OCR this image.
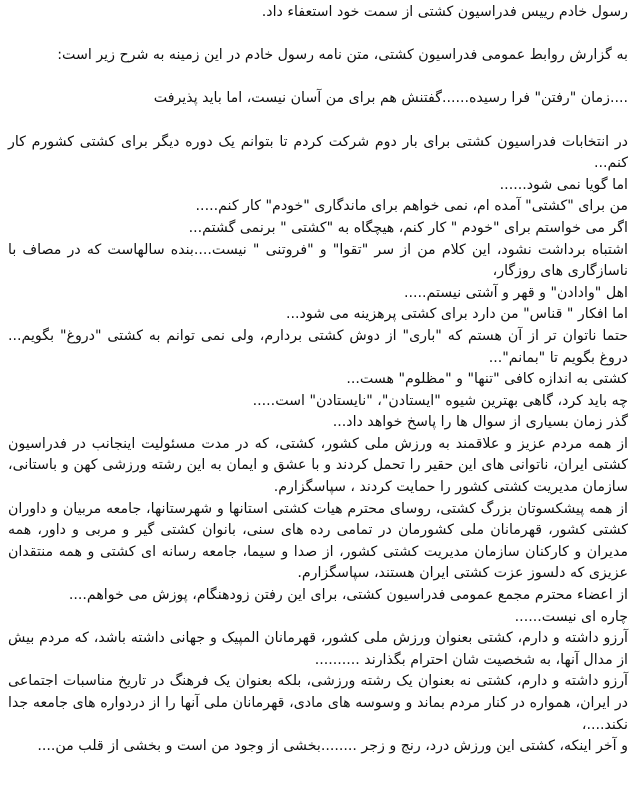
رسول خادم رییس فدراسیون کشتی از سمت خود استعفاء داد.

به گزارش روابط عمومی فدراسیون کشتی، متن نامه رسول خادم در این زمینه به شرح زیر است:

....زمان "رفتن" فرا رسیده......گفتنش هم برای من آسان نیست، اما باید پذیرفت

در انتخابات فدراسیون کشتی برای بار دوم شرکت کردم تا بتوانم یک دوره دیگر برای کشتی کشورم کار کنم...

اما گویا نمی شود......

من برای "کشتی" آمده ام، نمی خواهم برای ماندگاری "خودم" کار کنم.....

اگر می خواستم برای "خودم " کار کنم، هیچگاه به "کشتی " برنمی گشتم...

اشتباه برداشت نشود، این کلام من از سر "تقوا" و "فروتنی " نیست....بنده سالهاست که در مصاف با ناسازگاری های روزگار،

اهل "وادادن" و قهر و آشتی نیستم.....

اما افکار " قناس" من دارد برای کشتی پرهزینه می شود...

حتما ناتوان تر از آن هستم که "باری" از دوش کشتی بردارم، ولی نمی توانم به کشتی "دروغ" بگویم... دروغ بگویم تا "بمانم"...

کشتی به اندازه کافی "تنها" و "مظلوم" هست...

چه باید کرد، گاهی بهترین شیوه "ایستادن"، "نایستادن" است.....

گذر زمان بسیاری از سوال ها را پاسخ خواهد داد...

از همه مردم عزیز و علاقمند به ورزش ملی کشور، کشتی، که در مدت مسئولیت اینجانب در فدراسیون کشتی ایران، ناتوانی های این حقیر را تحمل کردند و با عشق و ایمان به این رشته ورزشی کهن و باستانی، سازمان مدیریت کشتی کشور را حمایت کردند ، سپاسگزارم.

از همه پیشکسوتان بزرگ کشتی، روسای محترم هیات کشتی استانها و شهرستانها، جامعه مربیان و داوران کشتی کشور، قهرمانان ملی کشورمان در تمامی رده های سنی، بانوان کشتی گیر و مربی و داور، همه مدیران و کارکنان سازمان مدیریت کشتی کشور، از صدا و سیما، جامعه رسانه ای کشتی و همه منتقدان عزیزی که دلسوز عزت کشتی ایران هستند، سپاسگزارم.

از اعضاء محترم مجمع عمومی فدراسیون کشتی، برای این رفتن زودهنگام، پوزش می خواهم....

چاره ای نیست......

آرزو داشته و دارم، کشتی بعنوان ورزش ملی کشور، قهرمانان المپیک و جهانی داشته باشد، که مردم بیش از مدال آنها، به شخصیت شان احترام بگذارند ..........

آرزو داشته و دارم، کشتی نه بعنوان یک رشته ورزشی، بلکه بعنوان یک فرهنگ در تاریخ مناسبات اجتماعی در ایران، همواره در کنار مردم بماند و وسوسه های مادی، قهرمانان ملی آنها را از دردواره های جامعه جدا نکند....،

و آخر اینکه، کشتی این ورزش درد، رنج و زجر ........بخشی از وجود من است و بخشی از قلب من....
